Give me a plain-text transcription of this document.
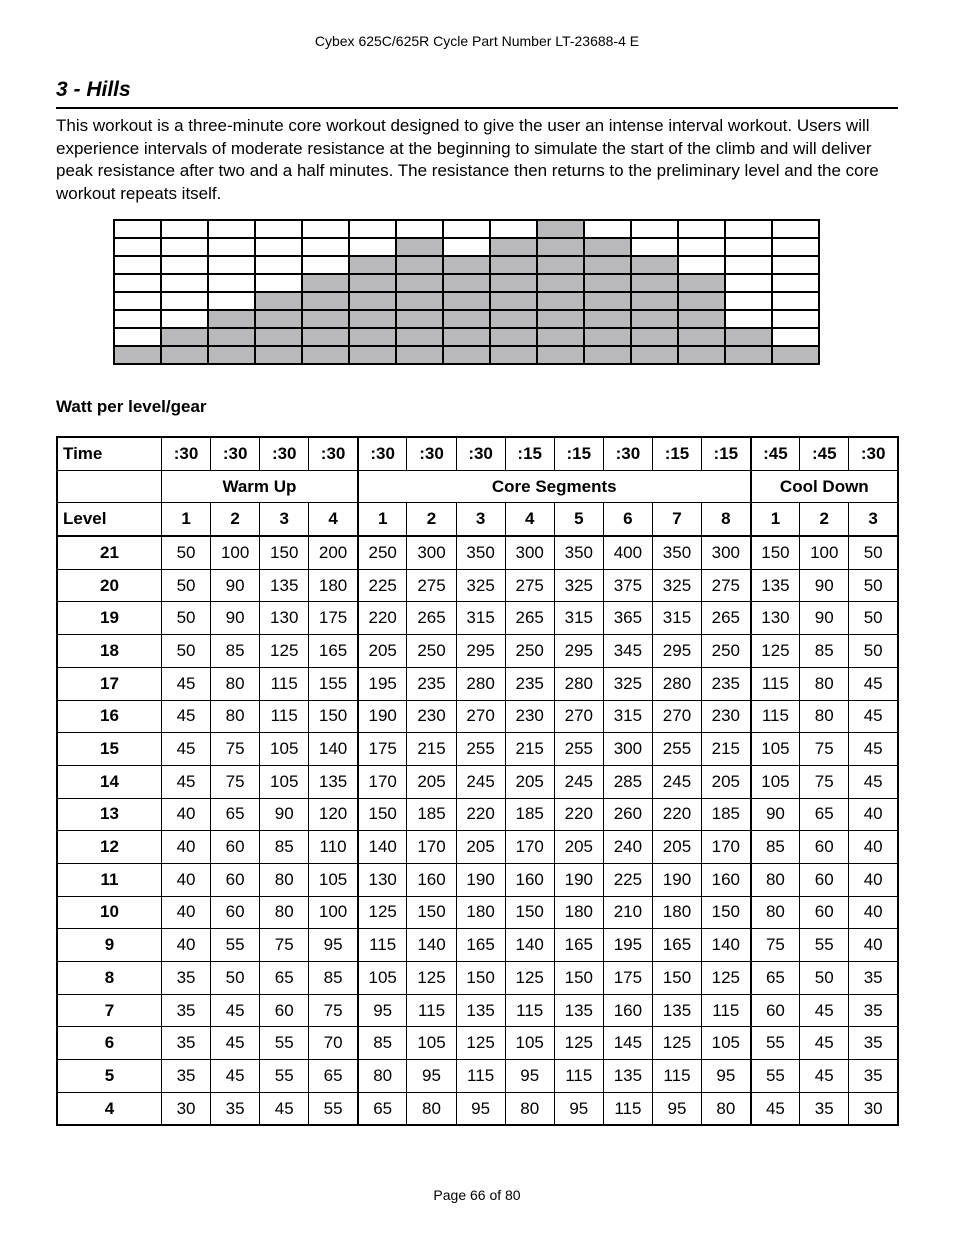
Cybex 625C/625R Cycle Part Number LT-23688-4 E
3 - Hills
This workout is a three-minute core workout designed to give the user an intense interval workout. Users will experience intervals of moderate resistance at the beginning to simulate the start of the climb and will deliver peak resistance after two and a half minutes. The resistance then returns to the preliminary level and the core workout repeats itself.

Watt per level/gear
Time	:30	:30	:30	:30	:30	:30	:30	:15	:15	:30	:15	:15	:45	:45	:30
	Warm Up				Core Segments								Cool Down		
Level	1	2	3	4	1	2	3	4	5	6	7	8	1	2	3
21	50	100	150	200	250	300	350	300	350	400	350	300	150	100	50
20	50	90	135	180	225	275	325	275	325	375	325	275	135	90	50
19	50	90	130	175	220	265	315	265	315	365	315	265	130	90	50
18	50	85	125	165	205	250	295	250	295	345	295	250	125	85	50
17	45	80	115	155	195	235	280	235	280	325	280	235	115	80	45
16	45	80	115	150	190	230	270	230	270	315	270	230	115	80	45
15	45	75	105	140	175	215	255	215	255	300	255	215	105	75	45
14	45	75	105	135	170	205	245	205	245	285	245	205	105	75	45
13	40	65	90	120	150	185	220	185	220	260	220	185	90	65	40
12	40	60	85	110	140	170	205	170	205	240	205	170	85	60	40
11	40	60	80	105	130	160	190	160	190	225	190	160	80	60	40
10	40	60	80	100	125	150	180	150	180	210	180	150	80	60	40
9	40	55	75	95	115	140	165	140	165	195	165	140	75	55	40
8	35	50	65	85	105	125	150	125	150	175	150	125	65	50	35
7	35	45	60	75	95	115	135	115	135	160	135	115	60	45	35
6	35	45	55	70	85	105	125	105	125	145	125	105	55	45	35
5	35	45	55	65	80	95	115	95	115	135	115	95	55	45	35
4	30	35	45	55	65	80	95	80	95	115	95	80	45	35	30
Page 66 of 80
